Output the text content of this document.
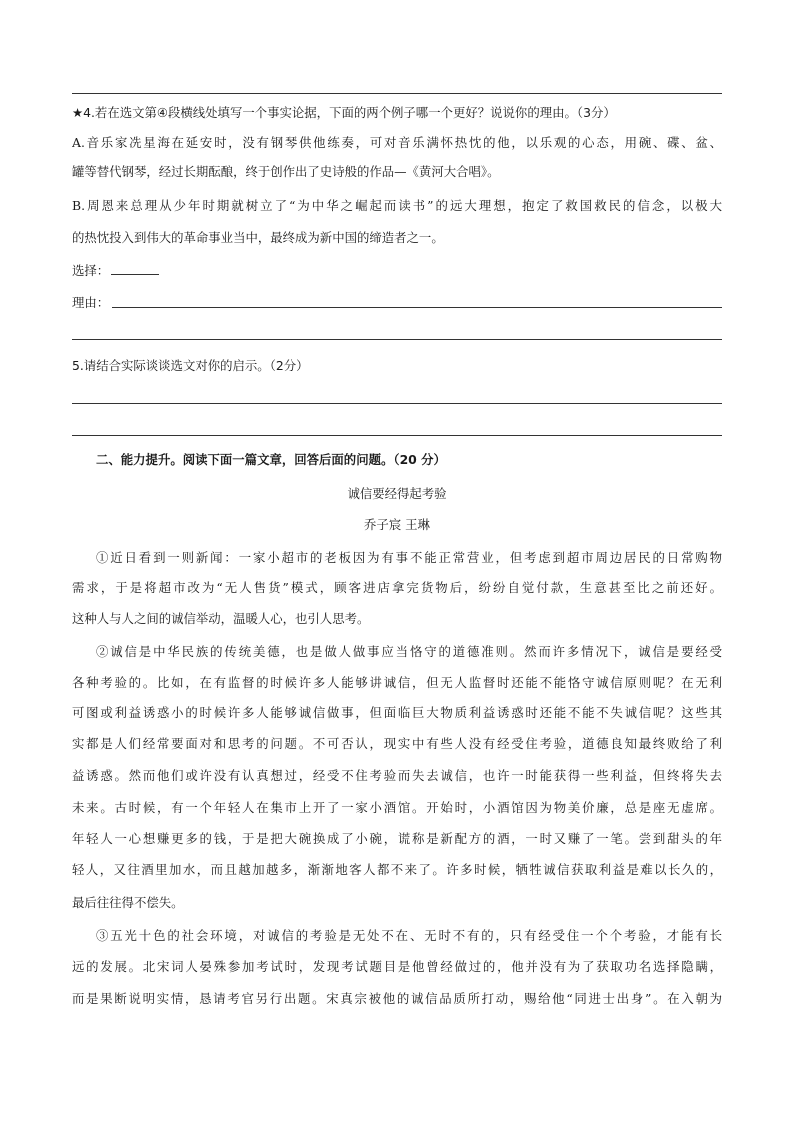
★4.若在选文第④段横线处填写一个事实论据，下面的两个例子哪一个更好？说说你的理由。（3分）
A.音乐家冼星海在延安时，没有钢琴供他练奏，可对音乐满怀热忱的他，以乐观的心态，用碗、碟、盆、
罐等替代钢琴，经过长期酝酿，终于创作出了史诗般的作品—《黄河大合唱》。
B.周恩来总理从少年时期就树立了“为中华之崛起而读书”的远大理想，抱定了救国救民的信念，以极大
的热忱投入到伟大的革命事业当中，最终成为新中国的缔造者之一。
选择：
理由：
5.请结合实际谈谈选文对你的启示。（2分）
二、能力提升。阅读下面一篇文章，回答后面的问题。（20 分）
诚信要经得起考验
乔子宸 王琳
①近日看到一则新闻：一家小超市的老板因为有事不能正常营业，但考虑到超市周边居民的日常购物
需求，于是将超市改为“无人售货”模式，顾客进店拿完货物后，纷纷自觉付款，生意甚至比之前还好。
这种人与人之间的诚信举动，温暖人心，也引人思考。
②诚信是中华民族的传统美德，也是做人做事应当恪守的道德准则。然而许多情况下，诚信是要经受
各种考验的。比如，在有监督的时候许多人能够讲诚信，但无人监督时还能不能恪守诚信原则呢？在无利
可图或利益诱惑小的时候许多人能够诚信做事，但面临巨大物质利益诱惑时还能不能不失诚信呢？这些其
实都是人们经常要面对和思考的问题。不可否认，现实中有些人没有经受住考验，道德良知最终败给了利
益诱惑。然而他们或许没有认真想过，经受不住考验而失去诚信，也许一时能获得一些利益，但终将失去
未来。古时候，有一个年轻人在集市上开了一家小酒馆。开始时，小酒馆因为物美价廉，总是座无虚席。
年轻人一心想赚更多的钱，于是把大碗换成了小碗，谎称是新配方的酒，一时又赚了一笔。尝到甜头的年
轻人，又往酒里加水，而且越加越多，渐渐地客人都不来了。许多时候，牺牲诚信获取利益是难以长久的，
最后往往得不偿失。
③五光十色的社会环境，对诚信的考验是无处不在、无时不有的，只有经受住一个个考验，才能有长
远的发展。北宋词人晏殊参加考试时，发现考试题目是他曾经做过的，他并没有为了获取功名选择隐瞒，
而是果断说明实情，恳请考官另行出题。宋真宗被他的诚信品质所打动，赐给他“同进士出身”。在入朝为
